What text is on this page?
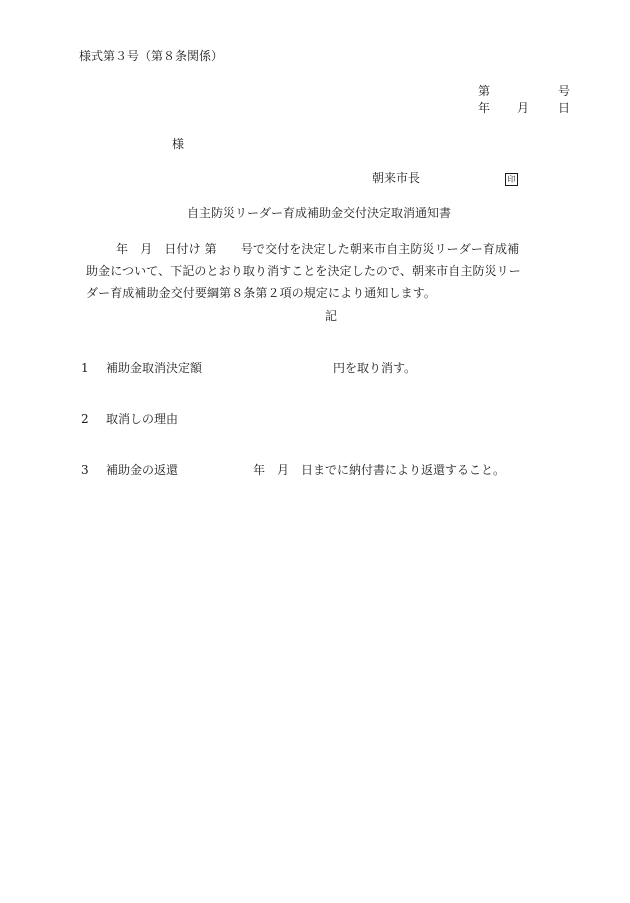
様式第３号（第８条関係）
第	号
年 月 日
様
朝来市長	印
自主防災リーダー育成補助金交付決定取消通知書
年　月　日付け 第　　号で交付を決定した朝来市自主防災リーダー育成補
助金について、下記のとおり取り消すことを決定したので、朝来市自主防災リー
ダー育成補助金交付要綱第８条第２項の規定により通知します。
記
1 補助金取消決定額	円を取り消す。
2 取消しの理由
3 補助金の返還	年　月　日までに納付書により返還すること。
